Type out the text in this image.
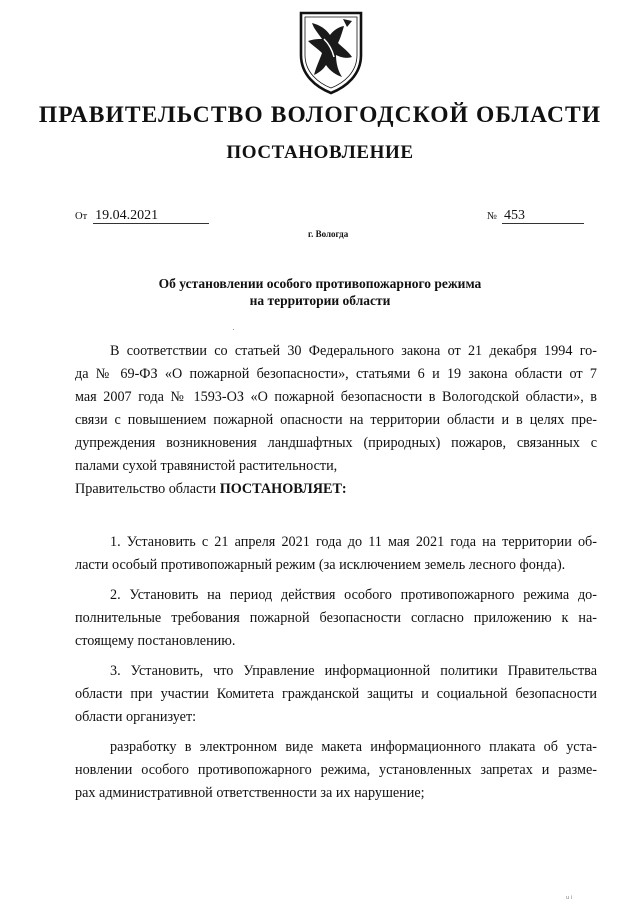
ПРАВИТЕЛЬСТВО ВОЛОГОДСКОЙ ОБЛАСТИ
ПОСТАНОВЛЕНИЕ
От 19.04.2021	№ 453
г. Вологда
Об установлении особого противопожарного режима
на территории области
В соответствии со статьей 30 Федерального закона от 21 декабря 1994 го-
да № 69-ФЗ «О пожарной безопасности», статьями 6 и 19 закона области от 7
мая 2007 года № 1593-ОЗ «О пожарной безопасности в Вологодской области», в
связи с повышением пожарной опасности на территории области и в целях пре-
дупреждения возникновения ландшафтных (природных) пожаров, связанных с
палами сухой травянистой растительности,
Правительство области ПОСТАНОВЛЯЕТ:
1. Установить с 21 апреля 2021 года до 11 мая 2021 года на территории об-
ласти особый противопожарный режим (за исключением земель лесного фонда).
2. Установить на период действия особого противопожарного режима до-
полнительные требования пожарной безопасности согласно приложению к на-
стоящему постановлению.
3. Установить, что Управление информационной политики Правительства
области при участии Комитета гражданской защиты и социальной безопасности
области организует:
разработку в электронном виде макета информационного плаката об уста-
новлении особого противопожарного режима, установленных запретах и разме-
рах административной ответственности за их нарушение;
u i
